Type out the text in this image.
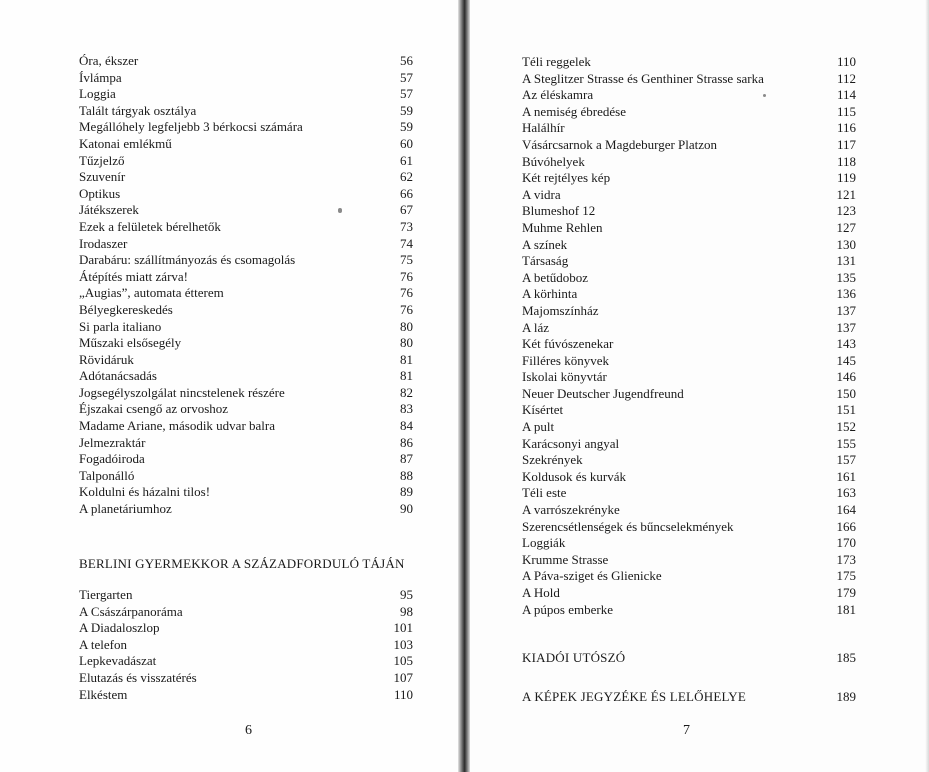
Óra, ékszer	56
Ívlámpa	57
Loggia	57
Talált tárgyak osztálya	59
Megállóhely legfeljebb 3 bérkocsi számára	59
Katonai emlékmű	60
Tűzjelző	61
Szuvenír	62
Optikus	66
Játékszerek	67
Ezek a felületek bérelhetők	73
Irodaszer	74
Darabáru: szállítmányozás és csomagolás	75
Átépítés miatt zárva!	76
„Augias”, automata étterem	76
Bélyegkereskedés	76
Si parla italiano	80
Műszaki elsősegély	80
Rövidáruk	81
Adótanácsadás	81
Jogsegélyszolgálat nincstelenek részére	82
Éjszakai csengő az orvoshoz	83
Madame Ariane, második udvar balra	84
Jelmezraktár	86
Fogadóiroda	87
Talponálló	88
Koldulni és házalni tilos!	89
A planetáriumhoz	90
BERLINI GYERMEKKOR A SZÁZADFORDULÓ TÁJÁN
Tiergarten	95
A Császárpanoráma	98
A Diadaloszlop	101
A telefon	103
Lepkevadászat	105
Elutazás és visszatérés	107
Elkéstem	110
6
Téli reggelek	110
A Steglitzer Strasse és Genthiner Strasse sarka	112
Az éléskamra	114
A nemiség ébredése	115
Halálhír	116
Vásárcsarnok a Magdeburger Platzon	117
Búvóhelyek	118
Két rejtélyes kép	119
A vidra	121
Blumeshof 12	123
Muhme Rehlen	127
A színek	130
Társaság	131
A betűdoboz	135
A körhinta	136
Majomszínház	137
A láz	137
Két fúvószenekar	143
Filléres könyvek	145
Iskolai könyvtár	146
Neuer Deutscher Jugendfreund	150
Kísértet	151
A pult	152
Karácsonyi angyal	155
Szekrények	157
Koldusok és kurvák	161
Téli este	163
A varrószekrényke	164
Szerencsétlenségek és bűncselekmények	166
Loggiák	170
Krumme Strasse	173
A Páva-sziget és Glienicke	175
A Hold	179
A púpos emberke	181
KIADÓI UTÓSZÓ	185
A KÉPEK JEGYZÉKE ÉS LELŐHELYE	189
7
